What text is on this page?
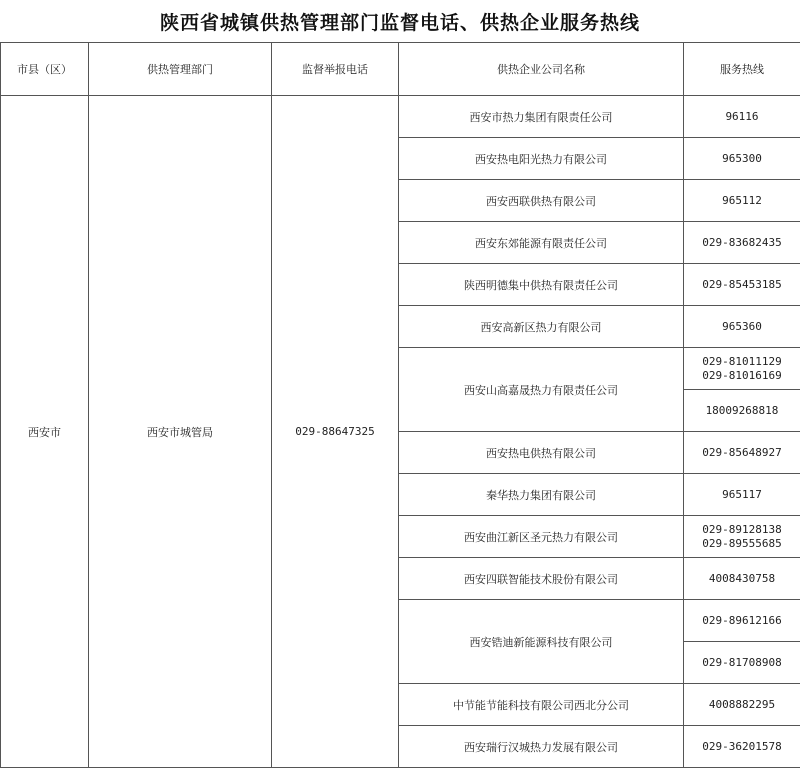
陕西省城镇供热管理部门监督电话、供热企业服务热线
市县（区）	供热管理部门	监督举报电话	供热企业公司名称	服务热线
西安市	西安市城管局	029-88647325	西安市热力集团有限责任公司	96116
			西安热电阳光热力有限公司	965300
			西安西联供热有限公司	965112
			西安东郊能源有限责任公司	029-83682435
			陕西明德集中供热有限责任公司	029-85453185
			西安高新区热力有限公司	965360
			西安山高嘉晟热力有限责任公司	029-81011129
029-81016169

				18009268818
			西安热电供热有限公司	029-85648927
			秦华热力集团有限公司	965117
			西安曲江新区圣元热力有限公司	029-89128138
029-89555685

			西安四联智能技术股份有限公司	4008430758
			西安锆迪新能源科技有限公司	029-89612166
				029-81708908
			中节能节能科技有限公司西北分公司	4008882295
			西安瑞行汉城热力发展有限公司	029-36201578
